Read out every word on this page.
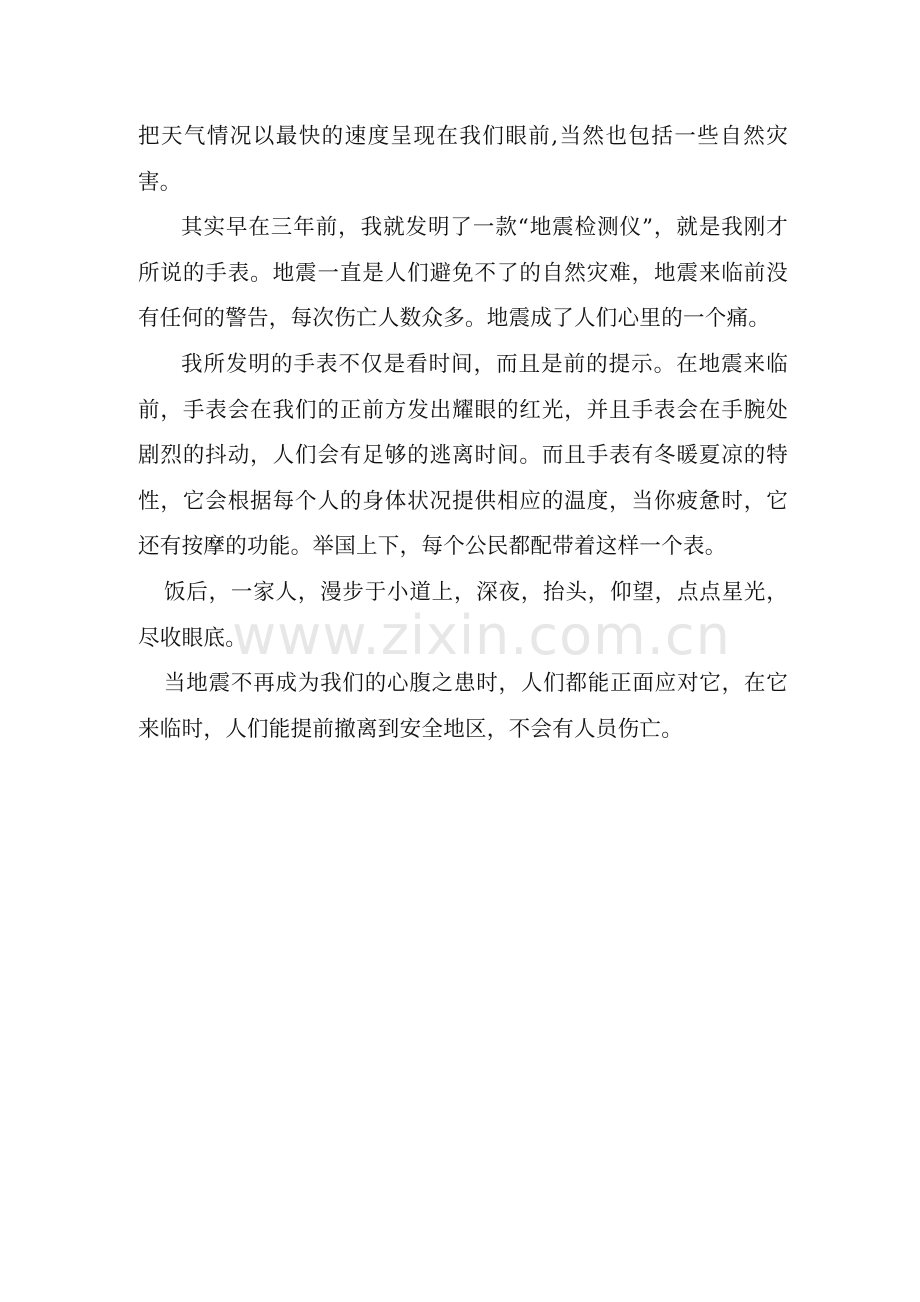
把天气情况以最快的速度呈现在我们眼前,当然也包括一些自然灾害。

其实早在三年前，我就发明了一款“地震检测仪”，就是我刚才所说的手表。地震一直是人们避免不了的自然灾难，地震来临前没有任何的警告，每次伤亡人数众多。地震成了人们心里的一个痛。

我所发明的手表不仅是看时间，而且是前的提示。在地震来临前，手表会在我们的正前方发出耀眼的红光，并且手表会在手腕处剧烈的抖动，人们会有足够的逃离时间。而且手表有冬暖夏凉的特性，它会根据每个人的身体状况提供相应的温度，当你疲惫时，它还有按摩的功能。举国上下，每个公民都配带着这样一个表。

饭后，一家人，漫步于小道上，深夜，抬头，仰望，点点星光，尽收眼底。

当地震不再成为我们的心腹之患时，人们都能正面应对它，在它来临时，人们能提前撤离到安全地区，不会有人员伤亡。

www.zixin.com.cn
